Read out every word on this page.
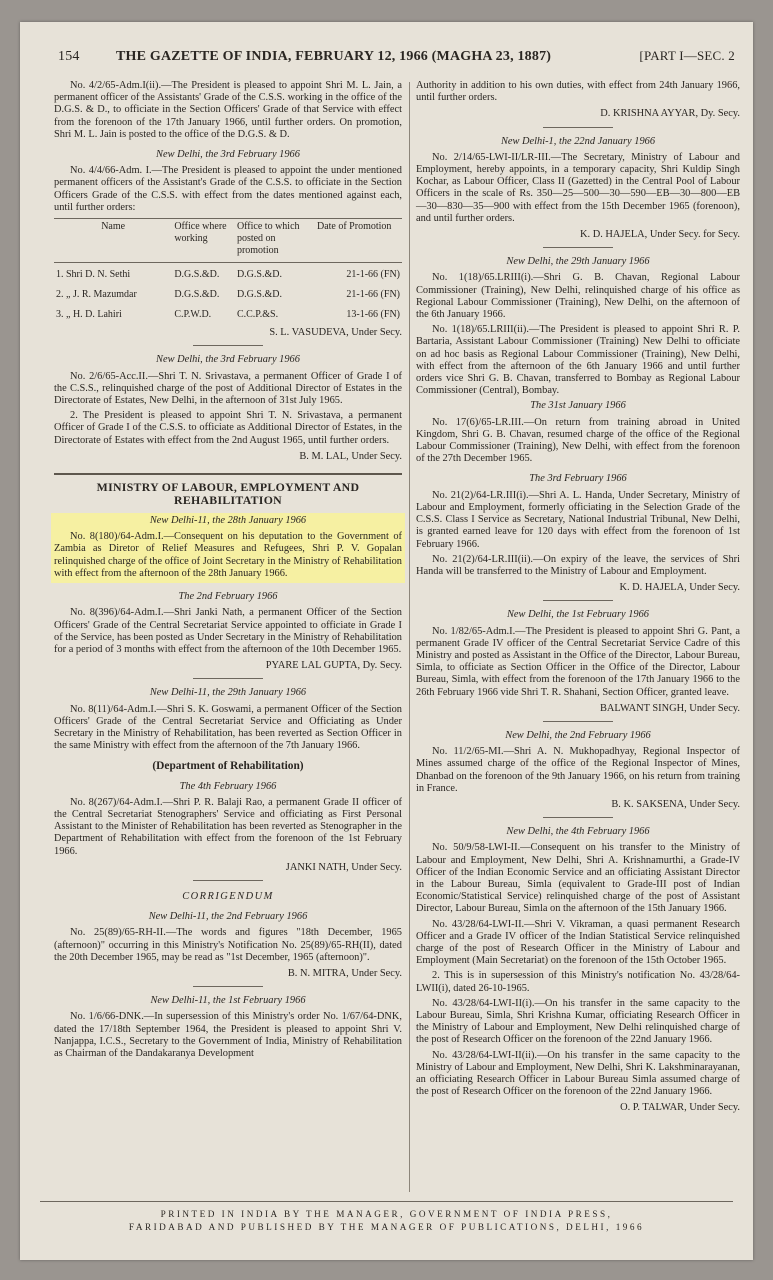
154	THE GAZETTE OF INDIA, FEBRUARY 12, 1966 (MAGHA 23, 1887)	[PART I—SEC. 2

No. 4/2/65-Adm.I(ii).—The President is pleased to appoint Shri M. L. Jain, a permanent officer of the Assistants' Grade of the C.S.S. working in the office of the D.G.S. & D., to officiate in the Section Officers' Grade of that Service with effect from the forenoon of the 17th January 1966, until further orders. On promotion, Shri M. L. Jain is posted to the office of the D.G.S. & D.

New Delhi, the 3rd February 1966

No. 4/4/66-Adm. I.—The President is pleased to appoint the under mentioned permanent officers of the Assistant's Grade of the C.S.S. to officiate in the Section Officers Grade of the C.S.S. with effect from the dates mentioned against each, until further orders:

Name	Office where working	Office to which posted on promotion	Date of Promotion
1. Shri D. N. Sethi	D.G.S.&D.	D.G.S.&D.	21-1-66 (FN)
2. „ J. R. Mazumdar	D.G.S.&D.	D.G.S.&D.	21-1-66 (FN)
3. „ H. D. Lahiri	C.P.W.D.	C.C.P.&S.	13-1-66 (FN)
S. L. VASUDEVA, Under Secy.
New Delhi, the 3rd February 1966

No. 2/6/65-Acc.II.—Shri T. N. Srivastava, a permanent Officer of Grade I of the C.S.S., relinquished charge of the post of Additional Director of Estates in the Directorate of Estates, New Delhi, in the afternoon of 31st July 1965.

2. The President is pleased to appoint Shri T. N. Srivastava, a permanent Officer of Grade I of the C.S.S. to officiate as Additional Director of Estates, in the Directorate of Estates with effect from the 2nd August 1965, until further orders.

B. M. LAL, Under Secy.
MINISTRY OF LABOUR, EMPLOYMENT AND REHABILITATION
New Delhi-11, the 28th January 1966

No. 8(180)/64-Adm.I.—Consequent on his deputation to the Government of Zambia as Diretor of Relief Measures and Refugees, Shri P. V. Gopalan relinquished charge of the office of Joint Secretary in the Ministry of Rehabilitation with effect from the afternoon of the 28th January 1966.

The 2nd February 1966

No. 8(396)/64-Adm.I.—Shri Janki Nath, a permanent Officer of the Section Officers' Grade of the Central Secretariat Service appointed to officiate in Grade I of the Service, has been posted as Under Secretary in the Ministry of Rehabilitation for a period of 3 months with effect from the afternoon of the 10th December 1965.

PYARE LAL GUPTA, Dy. Secy.
New Delhi-11, the 29th January 1966

No. 8(11)/64-Adm.I.—Shri S. K. Goswami, a permanent Officer of the Section Officers' Grade of the Central Secretariat Service and Officiating as Under Secretary in the Ministry of Rehabilitation, has been reverted as Section Officer in the same Ministry with effect from the afternoon of the 7th January 1966.

(Department of Rehabilitation)
The 4th February 1966

No. 8(267)/64-Adm.I.—Shri P. R. Balaji Rao, a permanent Grade II officer of the Central Secretariat Stenographers' Service and officiating as First Personal Assistant to the Minister of Rehabilitation has been reverted as Stenographer in the Department of Rehabilitation with effect from the forenoon of the 1st February 1966.

JANKI NATH, Under Secy.
CORRIGENDUM
New Delhi-11, the 2nd February 1966

No. 25(89)/65-RH-II.—The words and figures "18th December, 1965 (afternoon)" occurring in this Ministry's Notification No. 25(89)/65-RH(II), dated the 20th December 1965, may be read as "1st December, 1965 (afternoon)".

B. N. MITRA, Under Secy.
New Delhi-11, the 1st February 1966

No. 1/6/66-DNK.—In supersession of this Ministry's order No. 1/67/64-DNK, dated the 17/18th September 1964, the President is pleased to appoint Shri V. Nanjappa, I.C.S., Secretary to the Government of India, Ministry of Rehabilitation as Chairman of the Dandakaranya Development

Authority in addition to his own duties, with effect from 24th January 1966, until further orders.

D. KRISHNA AYYAR, Dy. Secy.
New Delhi-1, the 22nd January 1966

No. 2/14/65-LWI-II/LR-III.—The Secretary, Ministry of Labour and Employment, hereby appoints, in a temporary capacity, Shri Kuldip Singh Kochar, as Labour Officer, Class II (Gazetted) in the Central Pool of Labour Officers in the scale of Rs. 350—25—500—30—590—EB—30—800—EB—30—830—35—900 with effect from the 15th December 1965 (forenoon), and until further orders.

K. D. HAJELA, Under Secy. for Secy.
New Delhi, the 29th January 1966

No. 1(18)/65.LRIII(i).—Shri G. B. Chavan, Regional Labour Commissioner (Training), New Delhi, relinquished charge of his office as Regional Labour Commissioner (Training), New Delhi, on the afternoon of the 6th January 1966.

No. 1(18)/65.LRIII(ii).—The President is pleased to appoint Shri R. P. Bartaria, Assistant Labour Commissioner (Training) New Delhi to officiate on ad hoc basis as Regional Labour Commissioner (Training), New Delhi, with effect from the afternoon of the 6th January 1966 and until further orders vice Shri G. B. Chavan, transferred to Bombay as Regional Labour Commissioner (Central), Bombay.

The 31st January 1966

No. 17(6)/65-LR.III.—On return from training abroad in United Kingdom, Shri G. B. Chavan, resumed charge of the office of the Regional Labour Commissioner (Training), New Delhi, with effect from the forenoon of the 27th December 1965.

The 3rd February 1966

No. 21(2)/64-LR.III(i).—Shri A. L. Handa, Under Secretary, Ministry of Labour and Employment, formerly officiating in the Selection Grade of the C.S.S. Class I Service as Secretary, National Industrial Tribunal, New Delhi, is granted earned leave for 120 days with effect from the forenoon of 1st February 1966.

No. 21(2)/64-LR.III(ii).—On expiry of the leave, the services of Shri Handa will be transferred to the Ministry of Labour and Employment.

K. D. HAJELA, Under Secy.
New Delhi, the 1st February 1966

No. 1/82/65-Adm.I.—The President is pleased to appoint Shri G. Pant, a permanent Grade IV officer of the Central Secretariat Service Cadre of this Ministry and posted as Assistant in the Office of the Director, Labour Bureau, Simla, to officiate as Section Officer in the Office of the Director, Labour Bureau, Simla, with effect from the forenoon of the 17th January 1966 to the 26th February 1966 vide Shri T. R. Shahani, Section Officer, granted leave.

BALWANT SINGH, Under Secy.
New Delhi, the 2nd February 1966

No. 11/2/65-MI.—Shri A. N. Mukhopadhyay, Regional Inspector of Mines assumed charge of the office of the Regional Inspector of Mines, Dhanbad on the forenoon of the 9th January 1966, on his return from training in France.

B. K. SAKSENA, Under Secy.
New Delhi, the 4th February 1966

No. 50/9/58-LWI-II.—Consequent on his transfer to the Ministry of Labour and Employment, New Delhi, Shri A. Krishnamurthi, a Grade-IV Officer of the Indian Economic Service and an officiating Assistant Director in the Labour Bureau, Simla (equivalent to Grade-III post of Indian Economic/Statistical Service) relinquished charge of the post of Assistant Director, Labour Bureau, Simla on the afternoon of the 15th January 1966.

No. 43/28/64-LWI-II.—Shri V. Vikraman, a quasi permanent Research Officer and a Grade IV officer of the Indian Statistical Service relinquished charge of the post of Research Officer in the Ministry of Labour and Employment (Main Secretariat) on the forenoon of the 15th October 1965.

2. This is in supersession of this Ministry's notification No. 43/28/64-LWII(i), dated 26-10-1965.

No. 43/28/64-LWI-II(i).—On his transfer in the same capacity to the Labour Bureau, Simla, Shri Krishna Kumar, officiating Research Officer in the Ministry of Labour and Employment, New Delhi relinquished charge of the post of Research Officer on the forenoon of the 22nd January 1966.

No. 43/28/64-LWI-II(ii).—On his transfer in the same capacity to the Ministry of Labour and Employment, New Delhi, Shri K. Lakshminarayanan, an officiating Research Officer in Labour Bureau Simla assumed charge of the post of Research Officer on the forenoon of the 22nd January 1966.

O. P. TALWAR, Under Secy.
PRINTED IN INDIA BY THE MANAGER, GOVERNMENT OF INDIA PRESS,
FARIDABAD AND PUBLISHED BY THE MANAGER OF PUBLICATIONS, DELHI, 1966
